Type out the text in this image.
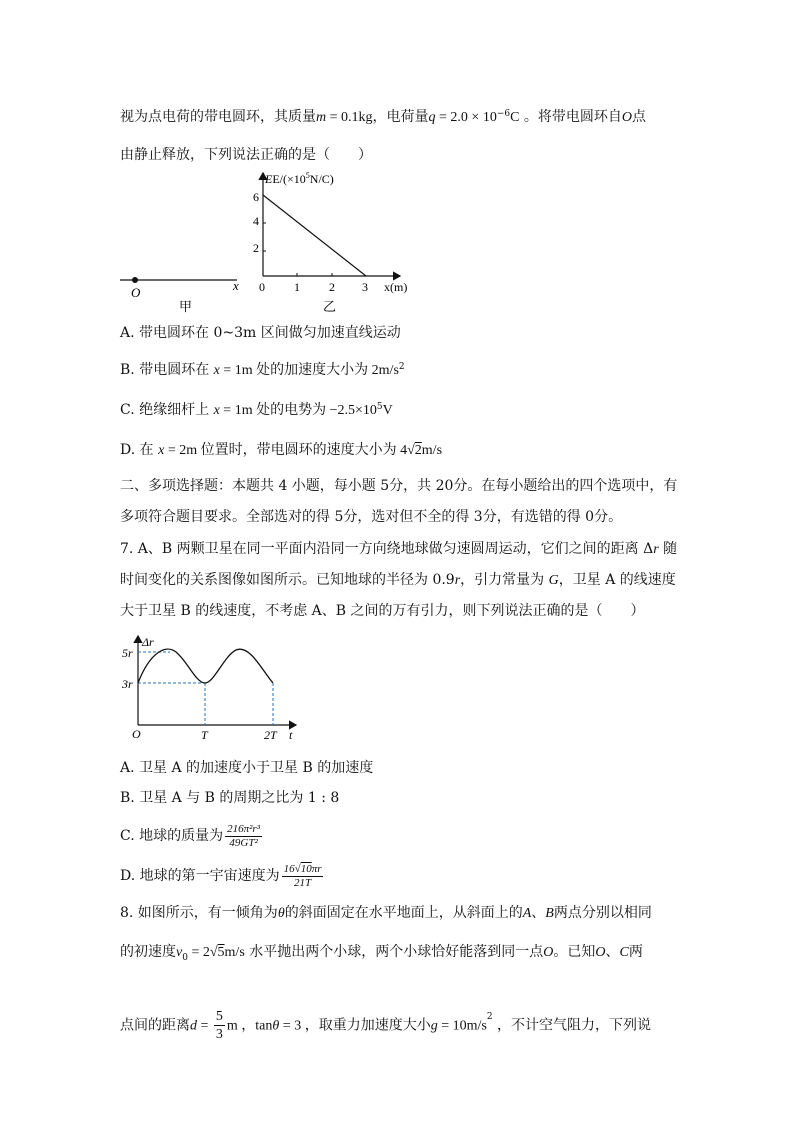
视为点电荷的带电圆环，其质量m = 0.1kg，电荷量$q = 2.0 \times 10^{-6}C$ 。将带电圆环自O点
由静止释放，下列说法正确的是（　　）
O	x
甲
$EE/(\times 10^5N/C)$
2
4
6
0 1 2 3 x(m)
乙
A. 带电圆环在 0~3m 区间做匀加速直线运动
B. 带电圆环在 x = 1m 处的加速度大小为 $2m/s^2$
C. 绝缘细杆上 x = 1m 处的电势为 $-2.5\times 10^5V$
D. 在 x = 2m 位置时，带电圆环的速度大小为 4√2m/s
二、多项选择题：本题共 4 小题，每小题 5分，共 20分。在每小题给出的四个选项中，有
多项符合题目要求。全部选对的得 5分，选对但不全的得 3分，有选错的得 0分。
7. A、B 两颗卫星在同一平面内沿同一方向绕地球做匀速圆周运动，它们之间的距离 Δr 随
时间变化的关系图像如图所示。已知地球的半径为 0.9r，引力常量为 G，卫星 A 的线速度
大于卫星 B 的线速度，不考虑 A、B 之间的万有引力，则下列说法正确的是（　　）
Δr
5r
3r
O	T	2T t
A. 卫星 A 的加速度小于卫星 B 的加速度
B. 卫星 A 与 B 的周期之比为 1 : 8
C. 地球的质量为 $\frac{\text{216π²r³}}{\text{49GT²}}$
D. 地球的第一宇宙速度为 $\frac{16√10\pi r}{21T}$
8. 如图所示，有一倾角为θ的斜面固定在水平地面上，从斜面上的A、B两点分别以相同
的初速度$v_0 = 2√5m/s$ 水平抛出两个小球，两个小球恰好能落到同一点O。已知O、C两
点间的距离$d = \frac{5}{3}$ m ，tanθ = 3 ，取重力加速度大小$g = 10m/s^2$ ，不计空气阻力，下列说
